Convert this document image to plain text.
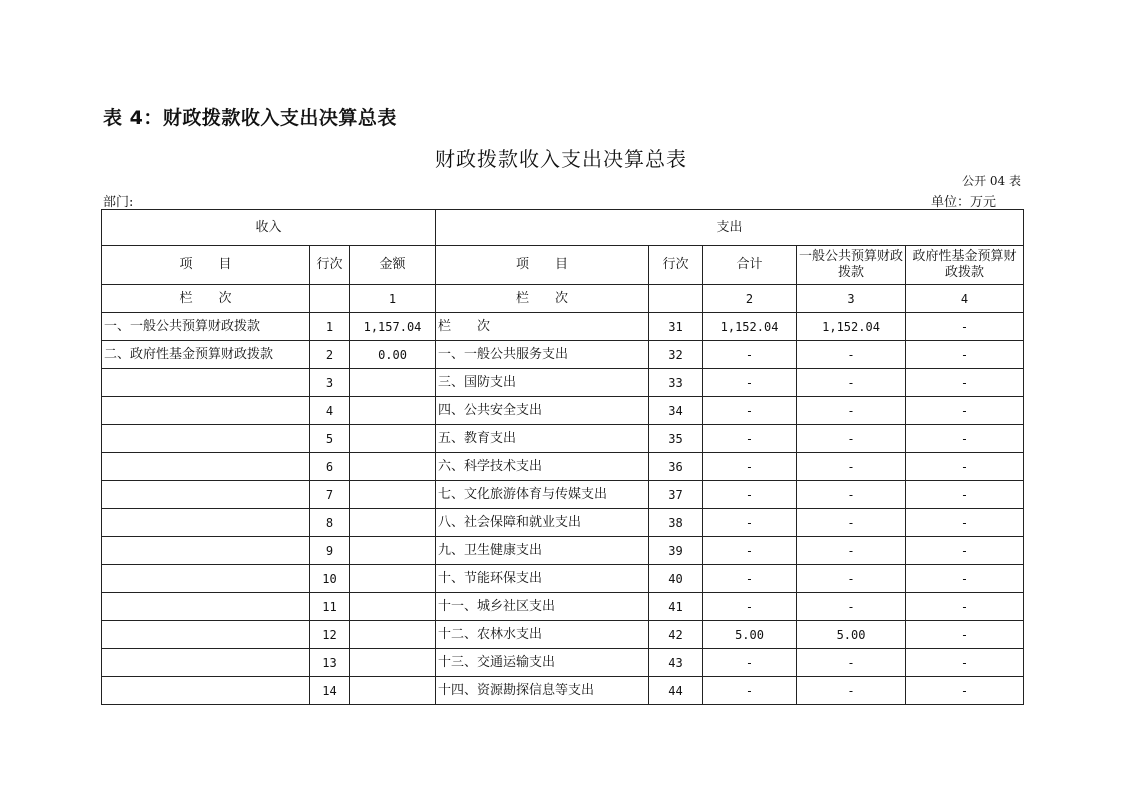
表 4：财政拨款收入支出决算总表
财政拨款收入支出决算总表
公开 04 表
部门:	单位：万元
收入			支出				
项　　目	行次	金额	项　　目	行次	合计	一般公共预算财政拨款	政府性基金预算财政拨款
栏　　次		1	栏　　次		2	3	4
一、一般公共预算财政拨款	1	1,157.04	栏　　次	31	1,152.04	1,152.04	-
二、政府性基金预算财政拨款	2	0.00	一、一般公共服务支出	32	-	-	-
	3		三、国防支出	33	-	-	-
	4		四、公共安全支出	34	-	-	-
	5		五、教育支出	35	-	-	-
	6		六、科学技术支出	36	-	-	-
	7		七、文化旅游体育与传媒支出	37	-	-	-
	8		八、社会保障和就业支出	38	-	-	-
	9		九、卫生健康支出	39	-	-	-
	10		十、节能环保支出	40	-	-	-
	11		十一、城乡社区支出	41	-	-	-
	12		十二、农林水支出	42	5.00	5.00	-
	13		十三、交通运输支出	43	-	-	-
	14		十四、资源勘探信息等支出	44	-	-	-
